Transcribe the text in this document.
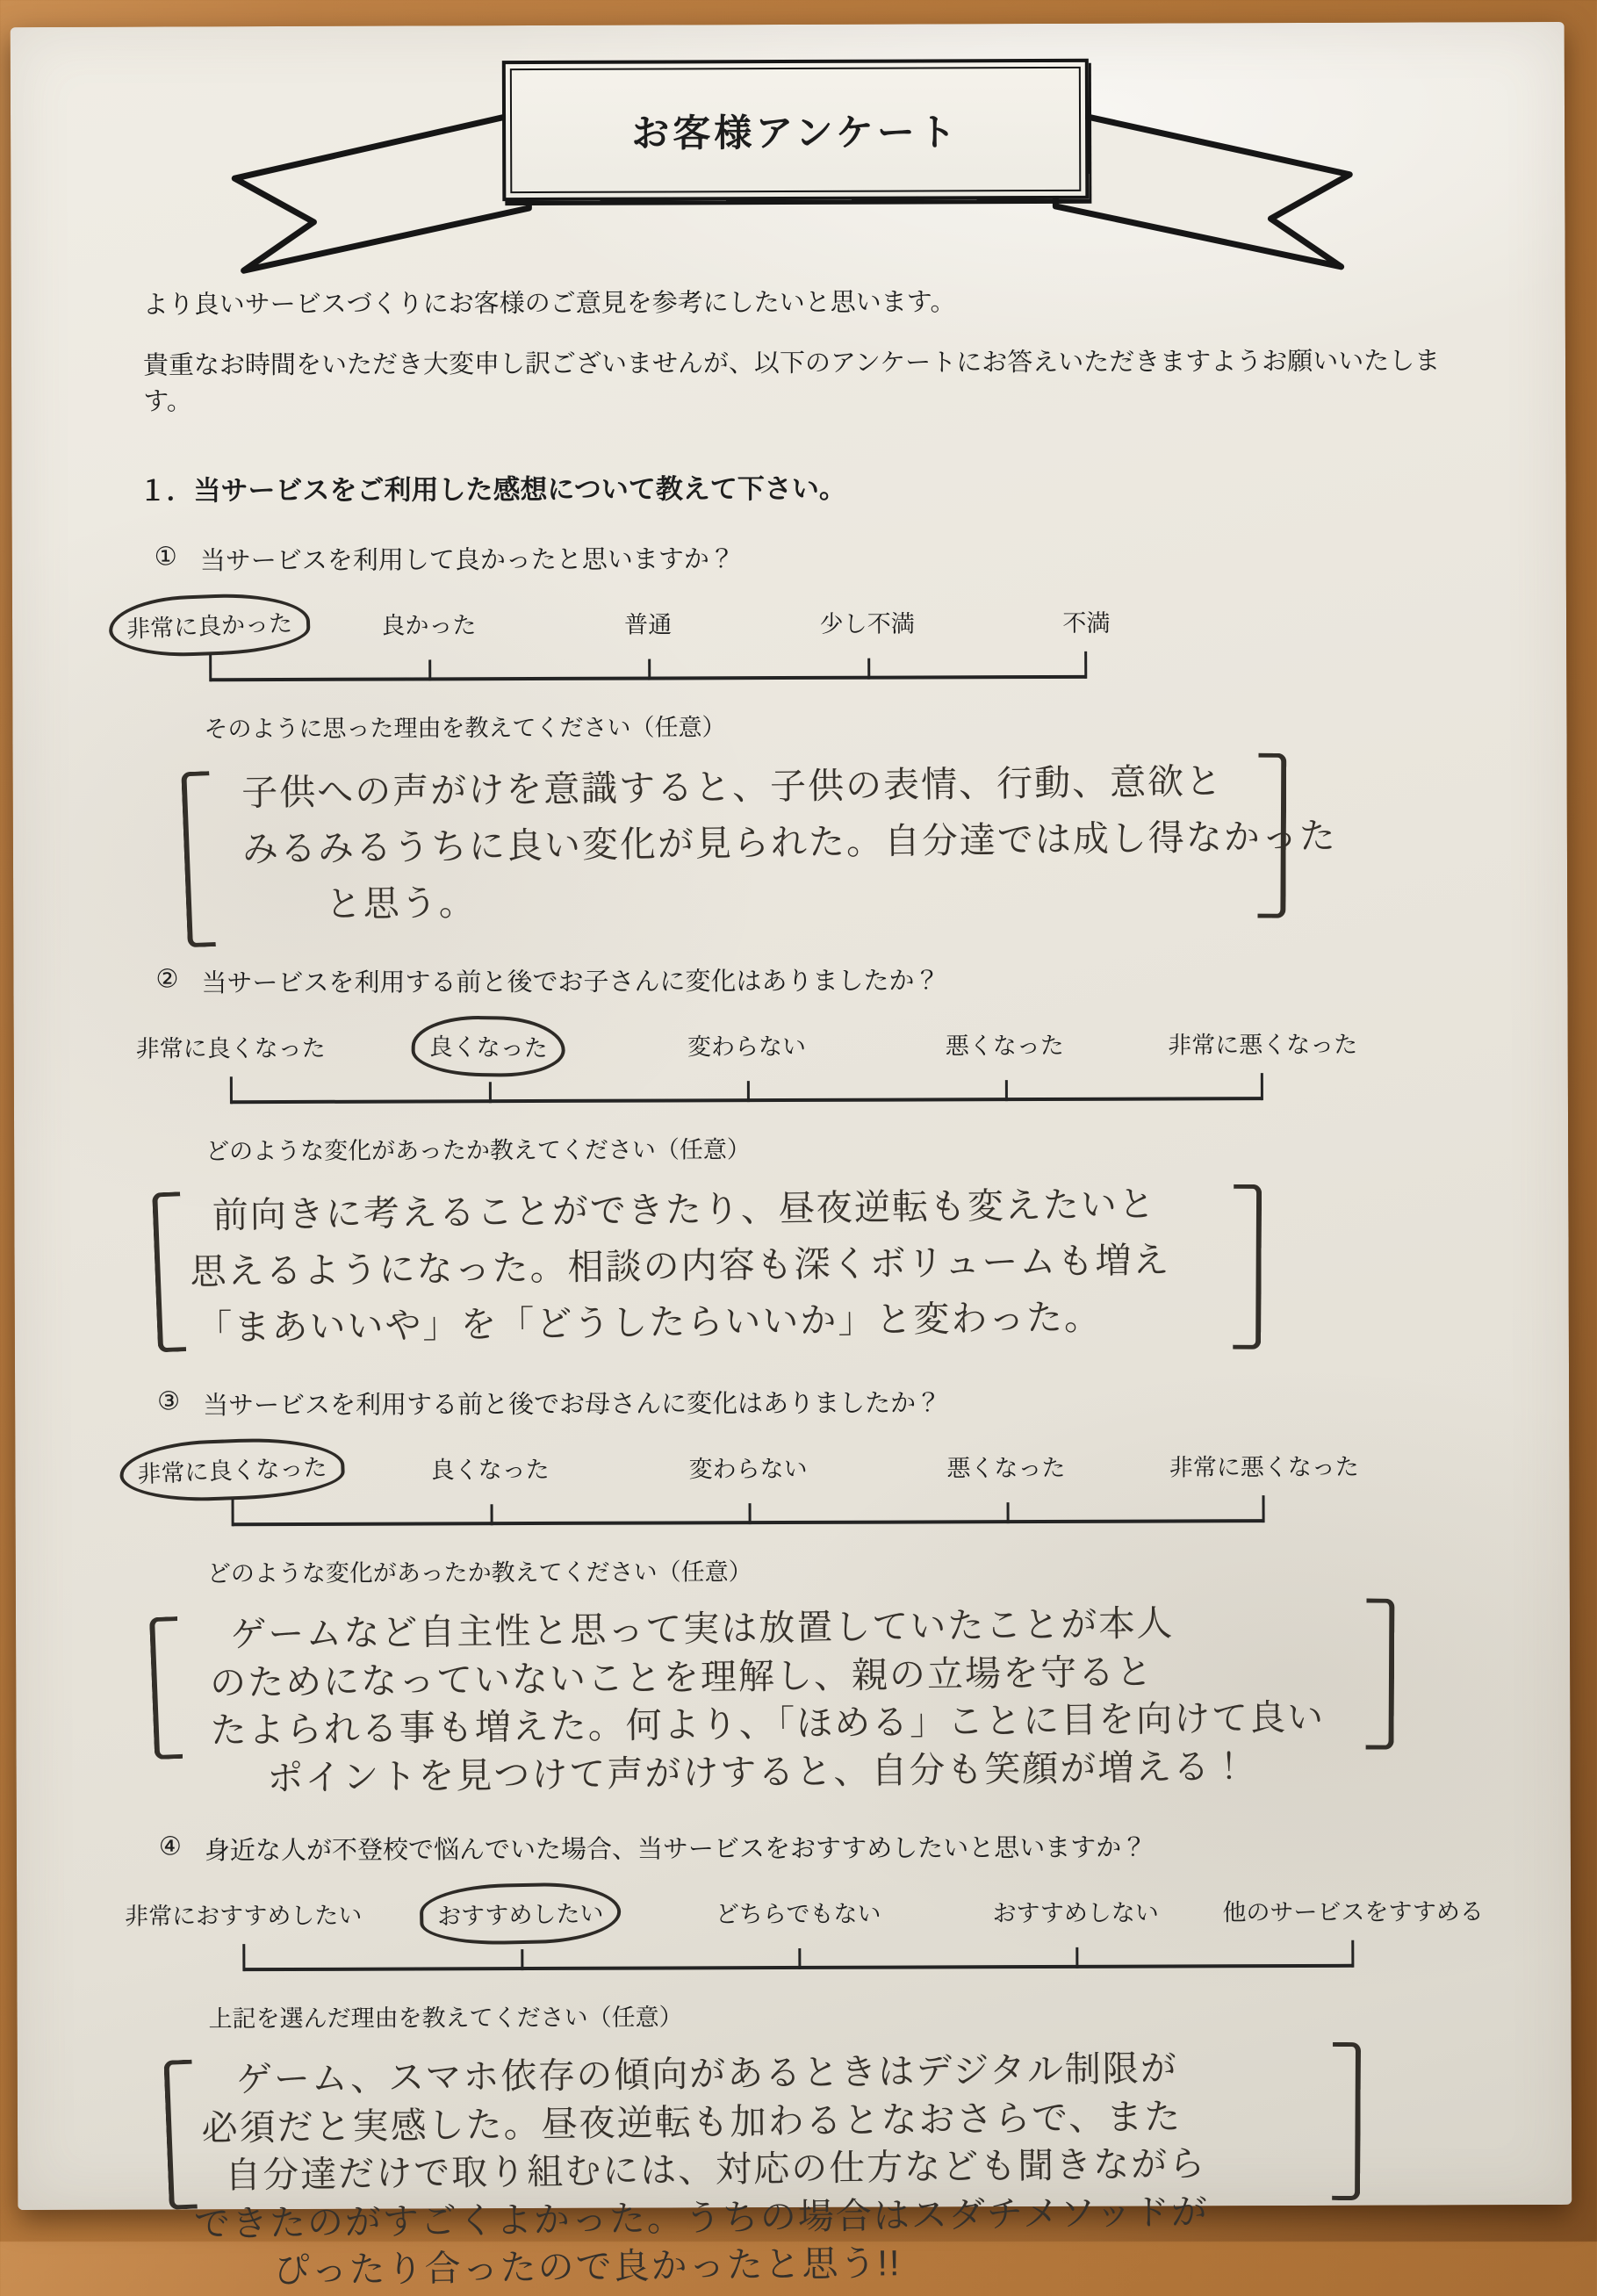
お客様アンケート

より良いサービスづくりにお客様のご意見を参考にしたいと思います。

貴重なお時間をいただき大変申し訳ございませんが、以下のアンケートにお答えいただきますようお願いいたします。

１．当サービスをご利用した感想について教えて下さい。
① 当サービスを利用して良かったと思いますか？
非常に良かった	良かった	普通	少し不満	不満
そのように思った理由を教えてください（任意）
子供への声がけを意識すると、子供の表情、行動、意欲と
みるみるうちに良い変化が見られた。自分達では成し得なかった
と思う。
② 当サービスを利用する前と後でお子さんに変化はありましたか？
非常に良くなった	良くなった	変わらない	悪くなった	非常に悪くなった
どのような変化があったか教えてください（任意）
前向きに考えることができたり、昼夜逆転も変えたいと
思えるようになった。相談の内容も深くボリュームも増え
「まあいいや」を「どうしたらいいか」と変わった。
③ 当サービスを利用する前と後でお母さんに変化はありましたか？
非常に良くなった	良くなった	変わらない	悪くなった	非常に悪くなった
どのような変化があったか教えてください（任意）
ゲームなど自主性と思って実は放置していたことが本人
のためになっていないことを理解し、親の立場を守ると
たよられる事も増えた。何より、「ほめる」ことに目を向けて良い
ポイントを見つけて声がけすると、自分も笑顔が増える！
④ 身近な人が不登校で悩んでいた場合、当サービスをおすすめしたいと思いますか？
非常におすすめしたい	おすすめしたい	どちらでもない	おすすめしない	他のサービスをすすめる
上記を選んだ理由を教えてください（任意）
ゲーム、スマホ依存の傾向があるときはデジタル制限が
必須だと実感した。昼夜逆転も加わるとなおさらで、また
自分達だけで取り組むには、対応の仕方なども聞きながら
できたのがすごくよかった。うちの場合はスダチメソッドが
ぴったり合ったので良かったと思う!!
